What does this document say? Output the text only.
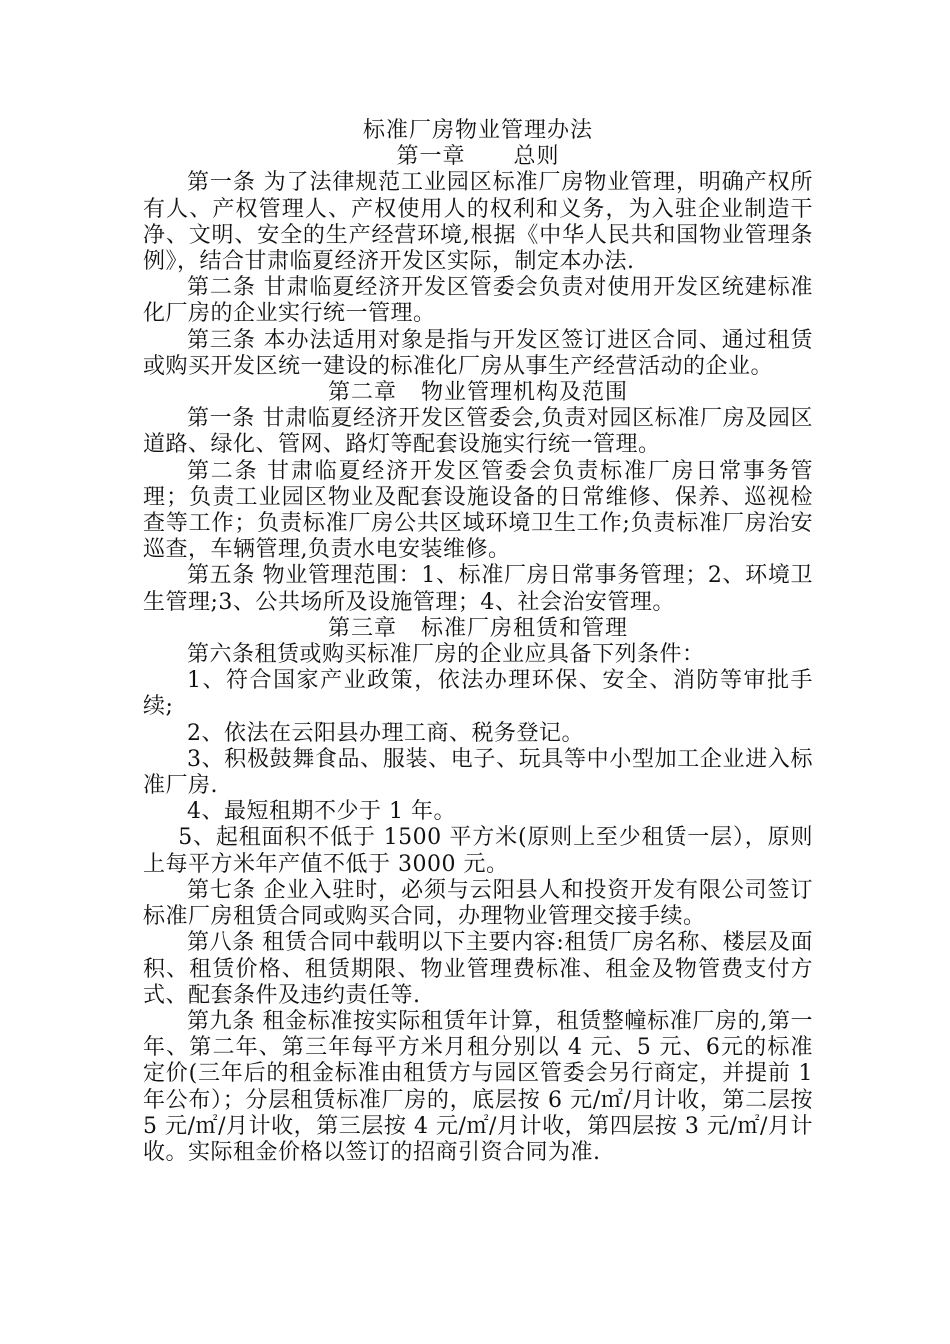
标准厂房物业管理办法

第一章      总则

第一条 为了法律规范工业园区标准厂房物业管理，明确产权所有人、产权管理人、产权使用人的权利和义务，为入驻企业制造干净、文明、安全的生产经营环境,根据《中华人民共和国物业管理条例》，结合甘肃临夏经济开发区实际，制定本办法.

第二条 甘肃临夏经济开发区管委会负责对使用开发区统建标准化厂房的企业实行统一管理。

第三条 本办法适用对象是指与开发区签订进区合同、通过租赁或购买开发区统一建设的标准化厂房从事生产经营活动的企业。

第二章   物业管理机构及范围

第一条 甘肃临夏经济开发区管委会,负责对园区标准厂房及园区道路、绿化、管网、路灯等配套设施实行统一管理。

第二条 甘肃临夏经济开发区管委会负责标准厂房日常事务管理；负责工业园区物业及配套设施设备的日常维修、保养、巡视检查等工作；负责标准厂房公共区域环境卫生工作;负责标准厂房治安巡查，车辆管理,负责水电安装维修。

第五条 物业管理范围：1、标准厂房日常事务管理；2、环境卫生管理;3、公共场所及设施管理；4、社会治安管理。

第三章   标准厂房租赁和管理

第六条租赁或购买标准厂房的企业应具备下列条件：

1、符合国家产业政策，依法办理环保、安全、消防等审批手续;

2、依法在云阳县办理工商、税务登记。

3、积极鼓舞食品、服装、电子、玩具等中小型加工企业进入标准厂房.

4、最短租期不少于 1 年。

5、起租面积不低于 1500 平方米(原则上至少租赁一层），原则上每平方米年产值不低于 3000 元。

第七条 企业入驻时，必须与云阳县人和投资开发有限公司签订标准厂房租赁合同或购买合同，办理物业管理交接手续。

第八条 租赁合同中载明以下主要内容:租赁厂房名称、楼层及面积、租赁价格、租赁期限、物业管理费标准、租金及物管费支付方式、配套条件及违约责任等.

第九条 租金标准按实际租赁年计算，租赁整幢标准厂房的,第一年、第二年、第三年每平方米月租分别以 4 元、5 元、6元的标准定价(三年后的租金标准由租赁方与园区管委会另行商定，并提前 1 年公布）；分层租赁标准厂房的，底层按 6 元/㎡/月计收，第二层按 5 元/㎡/月计收，第三层按 4 元/㎡/月计收，第四层按 3 元/㎡/月计收。实际租金价格以签订的招商引资合同为准.
